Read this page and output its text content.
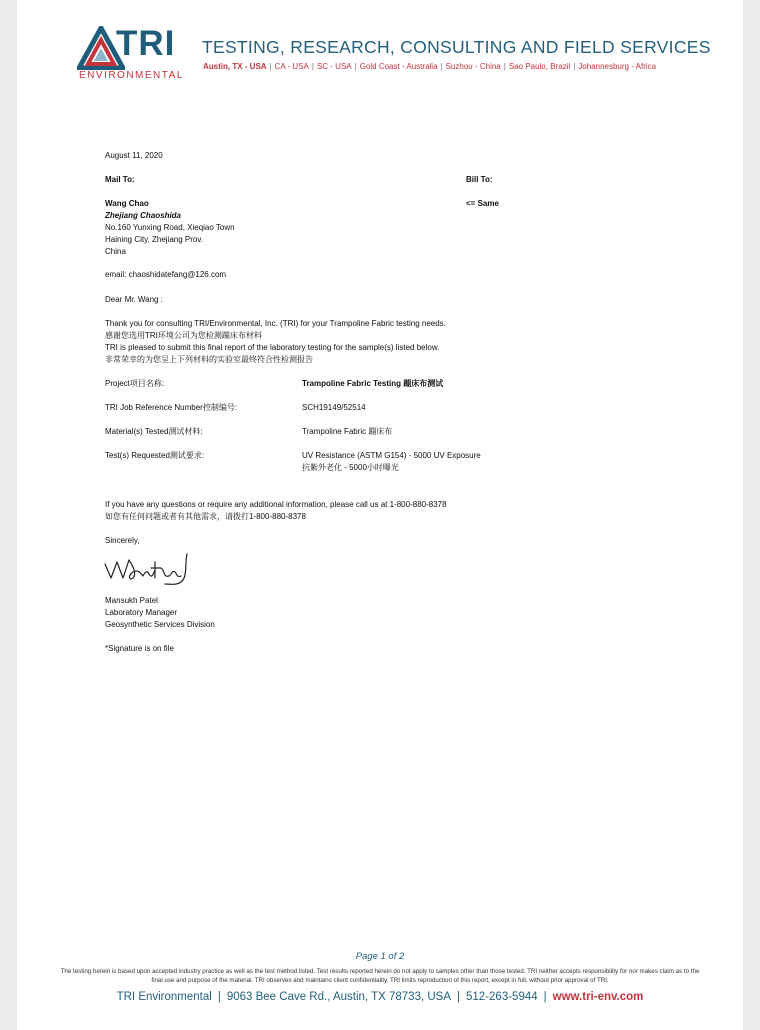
TRI
ENVIRONMENTAL
TESTING, RESEARCH, CONSULTING AND FIELD SERVICES
Austin, TX - USA | CA - USA | SC - USA | Gold Coast - Australia | Suzhou - China | Sao Paulo, Brazil | Johannesburg - Africa
August 11, 2020
Mail To:	Bill To:
Wang Chao	<= Same
Zhejiang Chaoshida
No.160 Yunxing Road, Xieqiao Town
Haining City, Zhejiang Prov.
China
email: chaoshidatefang@126.com
Dear Mr. Wang :
Thank you for consulting TRI/Environmental, Inc. (TRI) for your Trampoline Fabric testing needs.
感谢您选用TRI环境公司为您检测蹦床布材料
TRI is pleased to submit this final report of the laboratory testing for the sample(s) listed below.
非常荣幸的为您呈上下列材料的实验室最终符合性检测报告
Project项目名称:	Trampoline Fabric Testing 蹦床布测试
TRI Job Reference Number控制编号:	SCH19149/52514
Material(s) Tested测试材料:	Trampoline Fabric 蹦床布
Test(s) Requested测试要求:	UV Resistance (ASTM G154) - 5000 UV Exposure
抗紫外老化 - 5000小时曝光
If you have any questions or require any additional information, please call us at 1-800-880-8378
如您有任何问题或者有其他需求，请拨打1-800-880-8378
Sincerely,
Mansukh Patel
Laboratory Manager
Geosynthetic Services Division
*Signature is on file
Page 1 of 2
The testing herein is based upon accepted industry practice as well as the test method listed. Test results reported herein do not apply to samples other than those tested. TRI neither accepts responsibility for nor makes claim as to the final use and purpose of the material. TRI observes and maintains client confidentiality. TRI limits reproduction of this report, except in full, without prior approval of TRI.
TRI Environmental | 9063 Bee Cave Rd., Austin, TX 78733, USA | 512-263-5944 | www.tri-env.com
